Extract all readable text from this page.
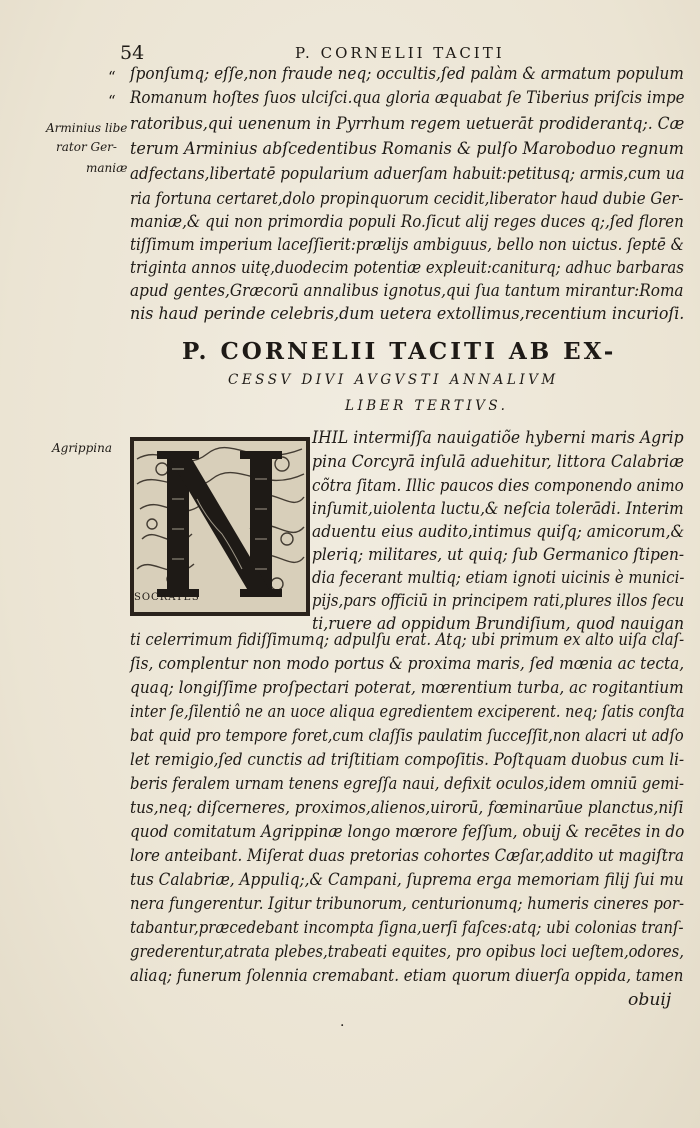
54	P. CORNELII TACITI
“
“
ſponſumq; eſſe,non fraude neq; occultis,ſed palàm & armatum populum
Romanum hoſtes ſuos ulciſci.qua gloria æquabat ſe Tiberius priſcis impe
ratoribus,qui uenenum in Pyrrhum regem uetuerāt prodiderantq;. Cæ
terum Arminius abſcedentibus Romanis & pulſo Maroboduo regnum
adfectans,libertatē popularium aduerſam habuit:petitusq; armis,cum ua
ria fortuna certaret,dolo propinquorum cecidit,liberator haud dubie Ger-
maniæ,& qui non primordia populi Ro.ſicut alij reges duces q;,ſed floren
tiſſimum imperium laceſſierit:prælijs ambiguus, bello non uictus. ſeptē &
triginta annos uitę,duodecim potentiæ expleuit:caniturq; adhuc barbaras
apud gentes,Græcorū annalibus ignotus,qui ſua tantum mirantur:Roma
nis haud perinde celebris,dum uetera extollimus,recentium incurioſi.
Arminius libe
rator Ger-
maniæ
Agrippina
P. CORNELII TACITI AB EX-
CESSV DIVI AVGVSTI ANNALIVM
LIBER TERTIVS.
SOCRATES
IHIL intermiſſa nauigatiõe hyberni maris Agrip
pina Corcyrā inſulā aduehitur, littora Calabriæ
cõtra ſitam. Illic paucos dies componendo animo
inſumit,uiolenta luctu,& neſcia tolerādi. Interim
aduentu eius audito,intimus quiſq; amicorum,&
pleriq; militares, ut quiq; ſub Germanico ſtipen-
dia fecerant multiq; etiam ignoti uicinis è munici-
pijs,pars officiū in principem rati,plures illos ſecu
ti,ruere ad oppidum Brundiſium, quod nauigan
ti celerrimum fidiſſimumq; adpulſu erat. Atq; ubi primum ex alto uiſa claſ-
ſis, complentur non modo portus & proxima maris, ſed mœnia ac tecta,
quaq; longiſſime proſpectari poterat, mœrentium turba, ac rogitantium
inter ſe,ſilentiô ne an uoce aliqua egredientem exciperent. neq; ſatis conſta
bat quid pro tempore foret,cum claſſis paulatim ſucceſſit,non alacri ut adſo
let remigio,ſed cunctis ad triſtitiam compoſitis. Poſtquam duobus cum li-
beris feralem urnam tenens egreſſa naui, defixit oculos,idem omniū gemi-
tus,neq; diſcerneres, proximos,alienos,uirorū, fœminarūue planctus,niſi
quod comitatum Agrippinæ longo mœrore feſſum, obuij & recētes in do
lore anteibant. Miſerat duas pretorias cohortes Cæſar,addito ut magiſtra
tus Calabriæ, Appuliq;,& Campani, ſuprema erga memoriam filij ſui mu
nera fungerentur. Igitur tribunorum, centurionumq; humeris cineres por-
tabantur,præcedebant incompta ſigna,uerſi faſces:atq; ubi colonias tranſ-
grederentur,atrata plebes,trabeati equites, pro opibus loci ueſtem,odores,
aliaq; funerum ſolennia cremabant. etiam quorum diuerſa oppida, tamen
obuij
·
